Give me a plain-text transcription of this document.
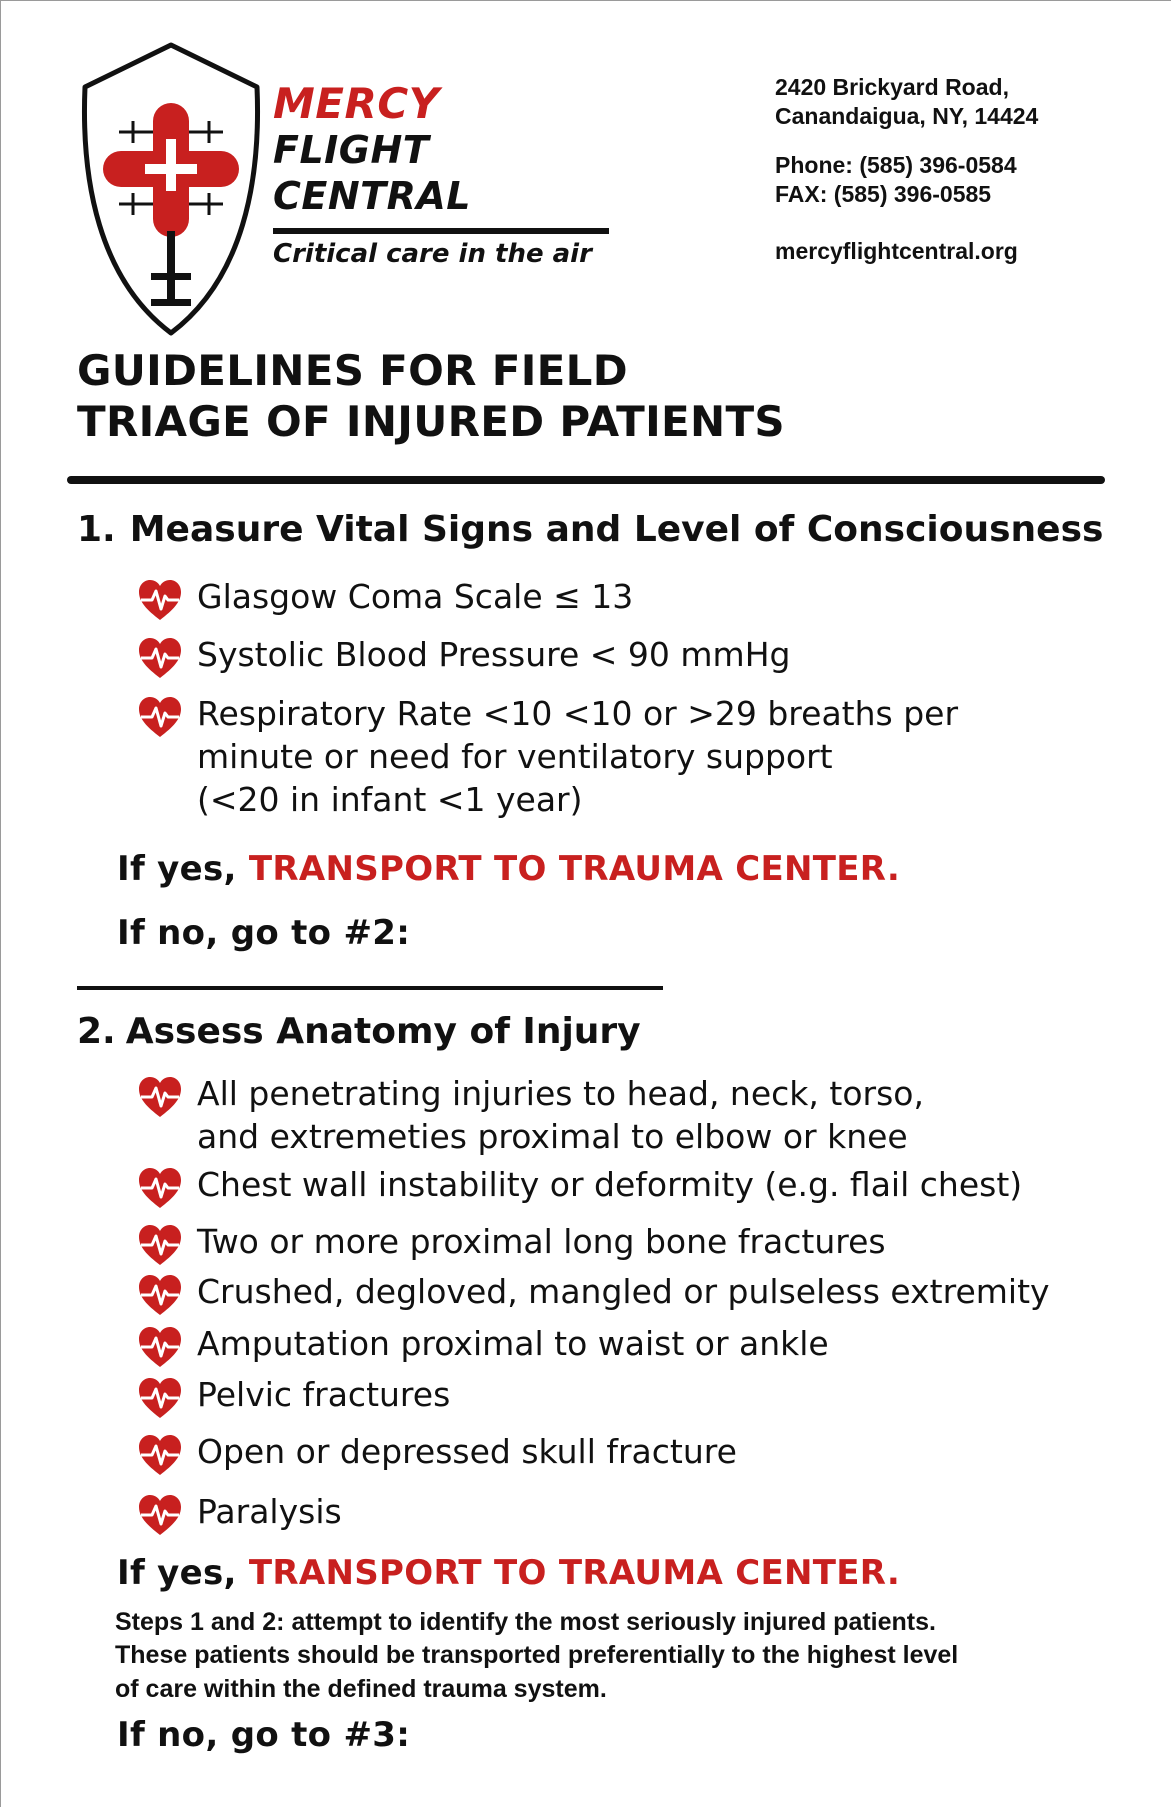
MERCY
FLIGHT
CENTRAL
Critical care in the air
2420 Brickyard Road,
Canandaigua, NY, 14424
Phone: (585) 396-0584
FAX: (585) 396-0585
mercyflightcentral.org
GUIDELINES FOR FIELD
TRIAGE OF INJURED PATIENTS
1. Measure Vital Signs and Level of Consciousness
Glasgow Coma Scale ≤ 13
Systolic Blood Pressure < 90 mmHg
Respiratory Rate <10 <10 or >29 breaths per
minute or need for ventilatory support
(<20 in infant <1 year)
If yes, TRANSPORT TO TRAUMA CENTER.
If no, go to #2:
2. Assess Anatomy of Injury
All penetrating injuries to head, neck, torso,
and extremeties proximal to elbow or knee
Chest wall instability or deformity (e.g. flail chest)
Two or more proximal long bone fractures
Crushed, degloved, mangled or pulseless extremity
Amputation proximal to waist or ankle
Pelvic fractures
Open or depressed skull fracture
Paralysis
If yes, TRANSPORT TO TRAUMA CENTER.
Steps 1 and 2: attempt to identify the most seriously injured patients.
These patients should be transported preferentially to the highest level
of care within the defined trauma system.
If no, go to #3:
